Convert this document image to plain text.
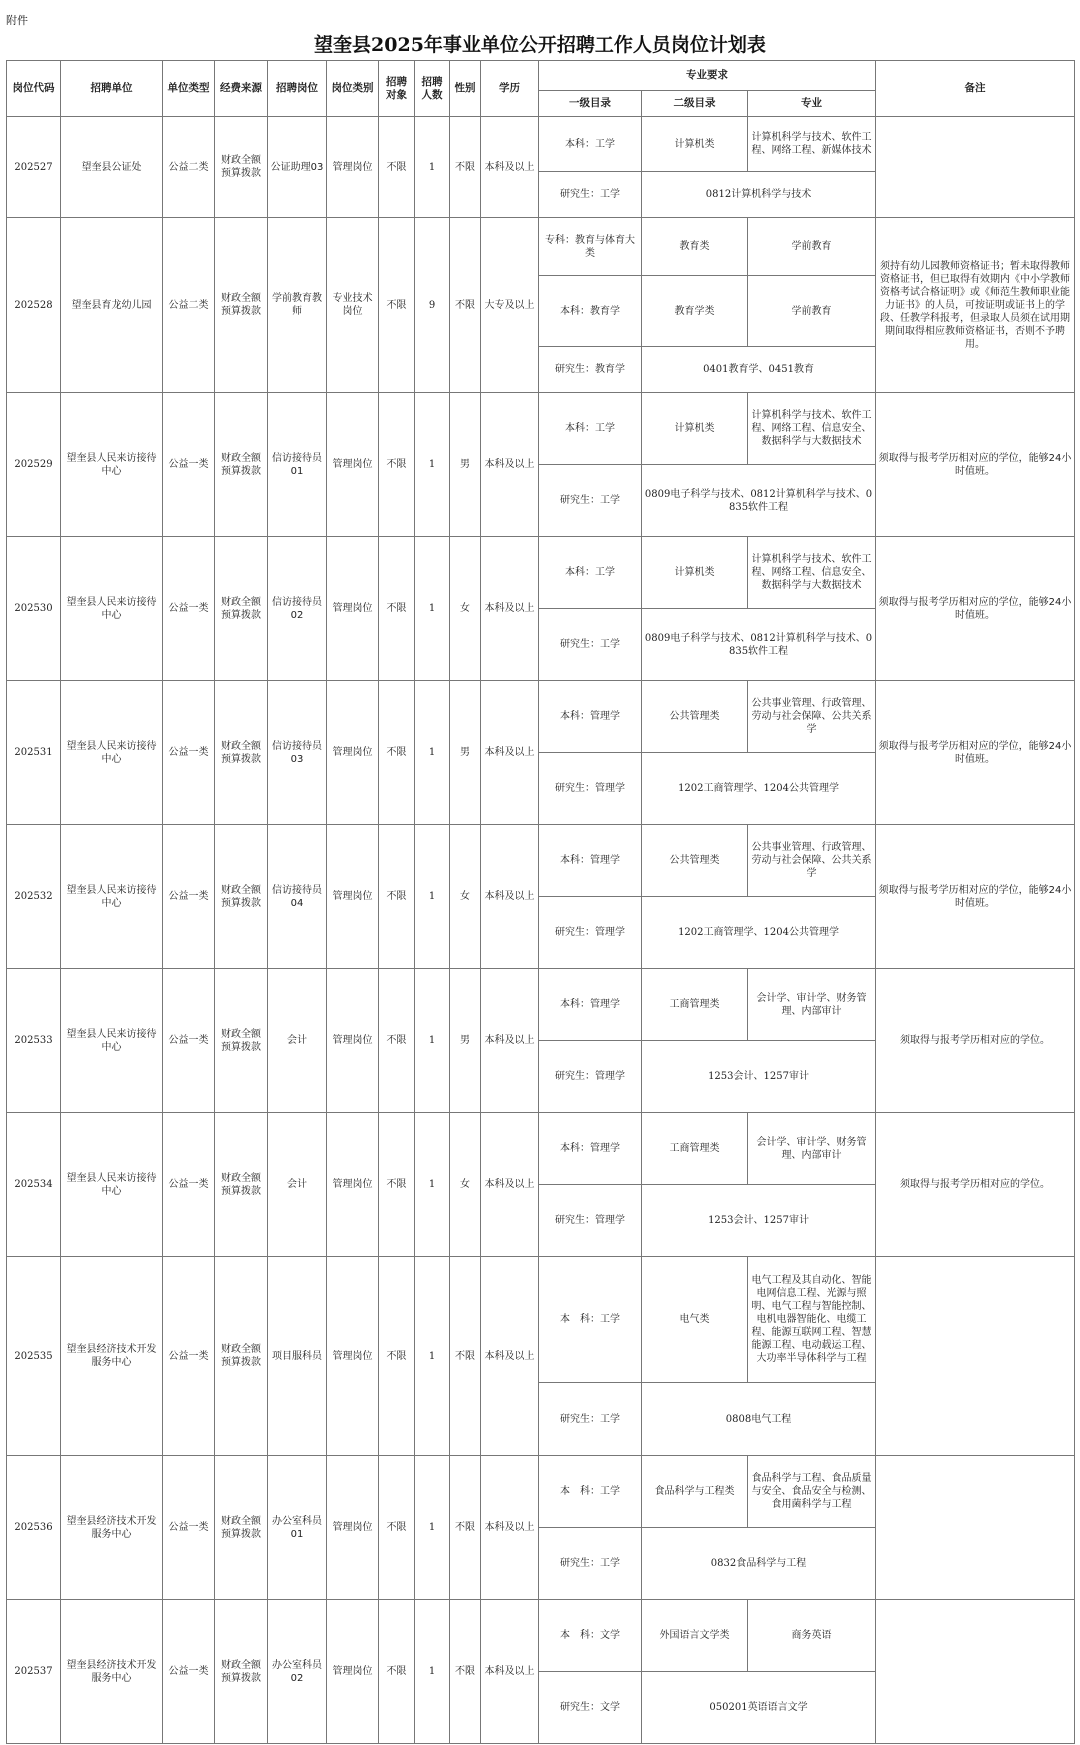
附件
望奎县2025年事业单位公开招聘工作人员岗位计划表
岗位代码	招聘单位	单位类型	经费来源	招聘岗位	岗位类别	招聘对象	招聘人数	性别	学历	专业要求			备注
										一级目录	二级目录	专业	
202527	望奎县公证处	公益二类	财政全额预算拨款	公证助理03	管理岗位	不限	1	不限	本科及以上	本科：工学	计算机类	计算机科学与技术、软件工程、网络工程、新媒体技术	
										研究生：工学	0812计算机科学与技术		
202528	望奎县育龙幼儿园	公益二类	财政全额预算拨款	学前教育教师	专业技术岗位	不限	9	不限	大专及以上	专科：教育与体育大类	教育类	学前教育	须持有幼儿园教师资格证书；暂未取得教师资格证书，但已取得有效期内《中小学教师资格考试合格证明》或《师范生教师职业能力证书》的人员，可按证明或证书上的学段、任教学科报考，但录取人员须在试用期期间取得相应教师资格证书，否则不予聘用。
										本科：教育学	教育学类	学前教育	
										研究生：教育学	0401教育学、0451教育		
202529	望奎县人民来访接待中心	公益一类	财政全额预算拨款	信访接待员01	管理岗位	不限	1	男	本科及以上	本科：工学	计算机类	计算机科学与技术、软件工程、网络工程、信息安全、数据科学与大数据技术	须取得与报考学历相对应的学位，能够24小时值班。
										研究生：工学	0809电子科学与技术、0812计算机科学与技术、0835软件工程		
202530	望奎县人民来访接待中心	公益一类	财政全额预算拨款	信访接待员02	管理岗位	不限	1	女	本科及以上	本科：工学	计算机类	计算机科学与技术、软件工程、网络工程、信息安全、数据科学与大数据技术	须取得与报考学历相对应的学位，能够24小时值班。
										研究生：工学	0809电子科学与技术、0812计算机科学与技术、0835软件工程		
202531	望奎县人民来访接待中心	公益一类	财政全额预算拨款	信访接待员03	管理岗位	不限	1	男	本科及以上	本科：管理学	公共管理类	公共事业管理、行政管理、劳动与社会保障、公共关系学	须取得与报考学历相对应的学位，能够24小时值班。
										研究生：管理学	1202工商管理学、1204公共管理学		
202532	望奎县人民来访接待中心	公益一类	财政全额预算拨款	信访接待员04	管理岗位	不限	1	女	本科及以上	本科：管理学	公共管理类	公共事业管理、行政管理、劳动与社会保障、公共关系学	须取得与报考学历相对应的学位，能够24小时值班。
										研究生：管理学	1202工商管理学、1204公共管理学		
202533	望奎县人民来访接待中心	公益一类	财政全额预算拨款	会计	管理岗位	不限	1	男	本科及以上	本科：管理学	工商管理类	会计学、审计学、财务管理、内部审计	须取得与报考学历相对应的学位。
										研究生：管理学	1253会计、1257审计		
202534	望奎县人民来访接待中心	公益一类	财政全额预算拨款	会计	管理岗位	不限	1	女	本科及以上	本科：管理学	工商管理类	会计学、审计学、财务管理、内部审计	须取得与报考学历相对应的学位。
										研究生：管理学	1253会计、1257审计		
202535	望奎县经济技术开发服务中心	公益一类	财政全额预算拨款	项目服科员	管理岗位	不限	1	不限	本科及以上	本　科：工学	电气类	电气工程及其自动化、智能电网信息工程、光源与照明、电气工程与智能控制、电机电器智能化、电缆工程、能源互联网工程、智慧能源工程、电动载运工程、大功率半导体科学与工程	
										研究生：工学	0808电气工程		
202536	望奎县经济技术开发服务中心	公益一类	财政全额预算拨款	办公室科员01	管理岗位	不限	1	不限	本科及以上	本　科：工学	食品科学与工程类	食品科学与工程、食品质量与安全、食品安全与检测、食用菌科学与工程	
										研究生：工学	0832食品科学与工程		
202537	望奎县经济技术开发服务中心	公益一类	财政全额预算拨款	办公室科员02	管理岗位	不限	1	不限	本科及以上	本　科：文学	外国语言文学类	商务英语	
										研究生：文学	050201英语语言文学		
